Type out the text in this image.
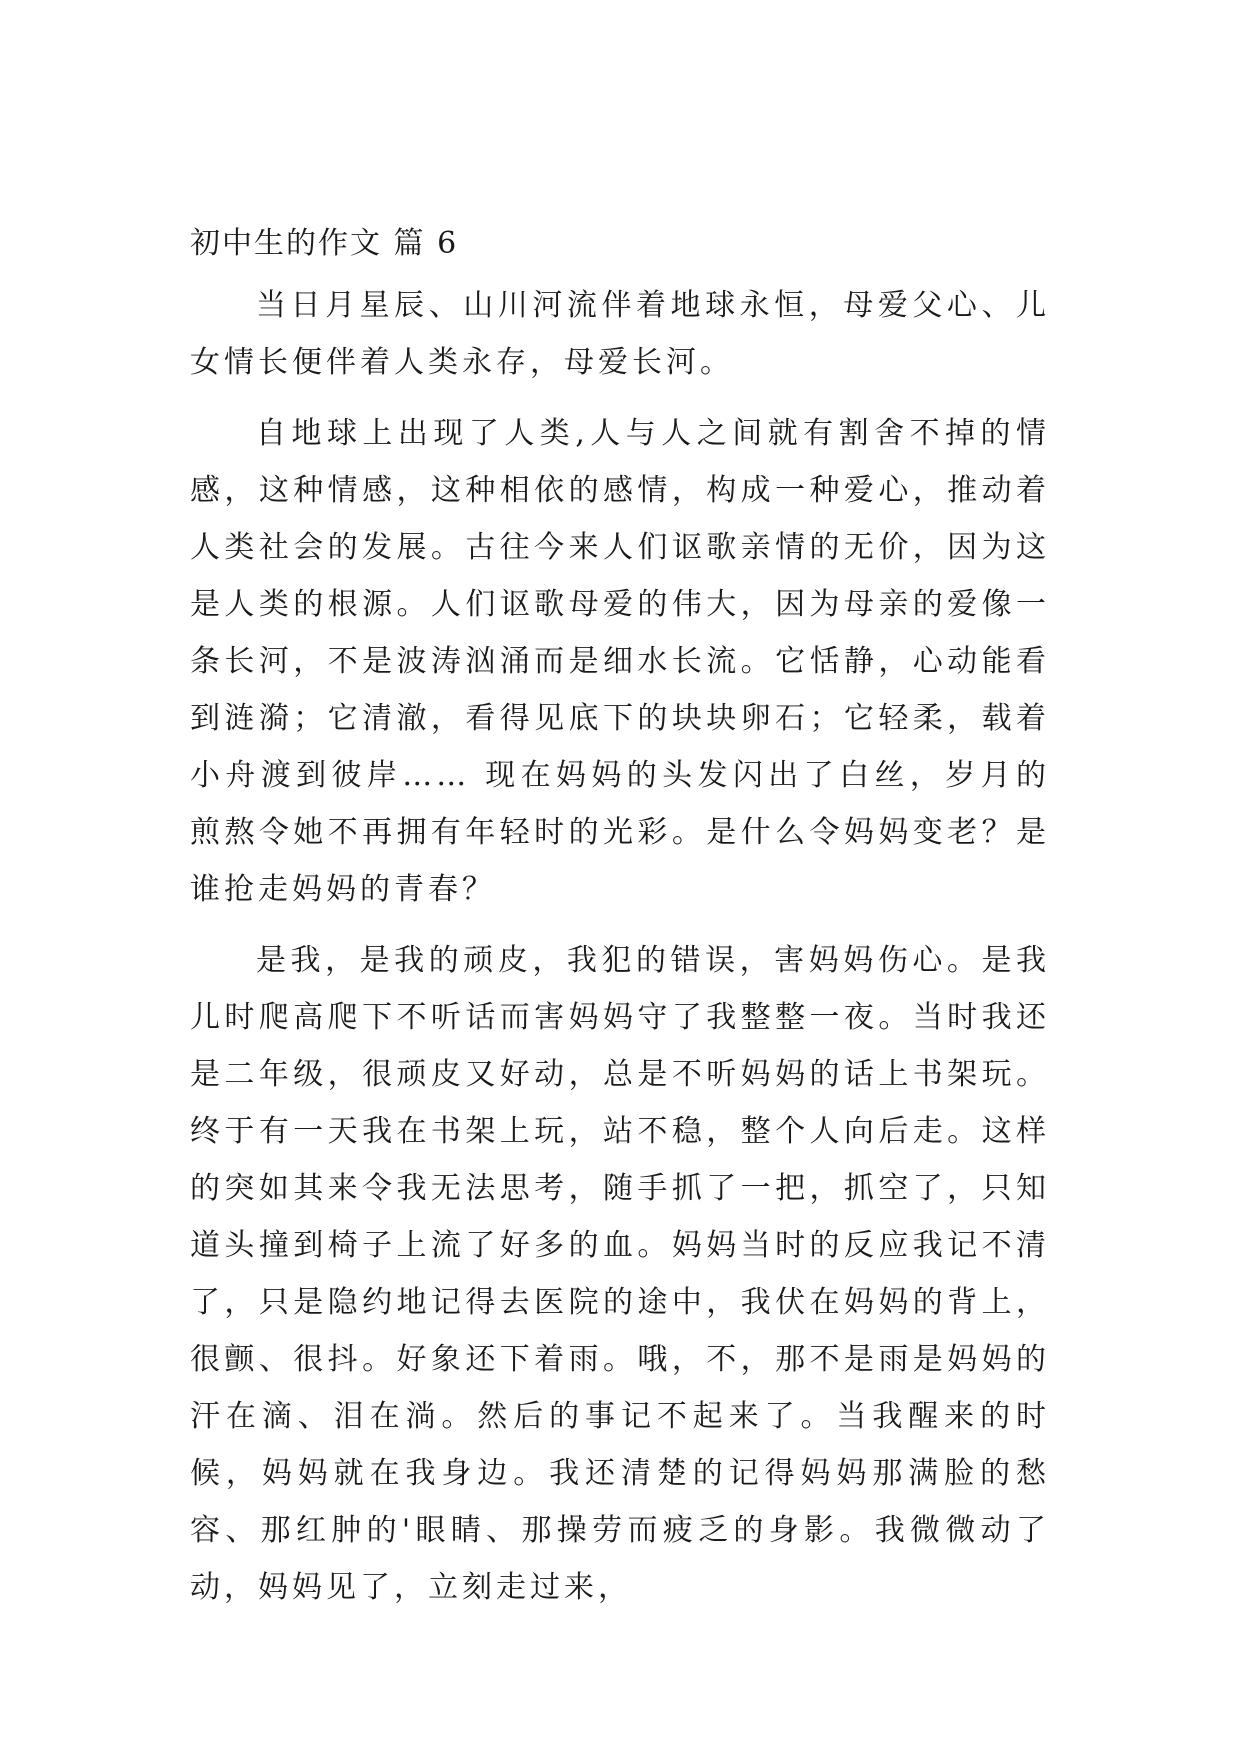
初中生的作文 篇 6

当日月星辰、山川河流伴着地球永恒，母爱父心、儿女情长便伴着人类永存，母爱长河。

自地球上出现了人类,人与人之间就有割舍不掉的情感，这种情感，这种相依的感情，构成一种爱心，推动着人类社会的发展。古往今来人们讴歌亲情的无价，因为这是人类的根源。人们讴歌母爱的伟大，因为母亲的爱像一条长河，不是波涛汹涌而是细水长流。它恬静，心动能看到涟漪；它清澈，看得见底下的块块卵石；它轻柔，载着小舟渡到彼岸…… 现在妈妈的头发闪出了白丝，岁月的煎熬令她不再拥有年轻时的光彩。是什么令妈妈变老？是谁抢走妈妈的青春？

是我，是我的顽皮，我犯的错误，害妈妈伤心。是我儿时爬高爬下不听话而害妈妈守了我整整一夜。当时我还是二年级，很顽皮又好动，总是不听妈妈的话上书架玩。终于有一天我在书架上玩，站不稳，整个人向后走。这样的突如其来令我无法思考，随手抓了一把，抓空了，只知道头撞到椅子上流了好多的血。妈妈当时的反应我记不清了，只是隐约地记得去医院的途中，我伏在妈妈的背上，很颤、很抖。好象还下着雨。哦，不，那不是雨是妈妈的汗在滴、泪在淌。然后的事记不起来了。当我醒来的时候，妈妈就在我身边。我还清楚的记得妈妈那满脸的愁容、那红肿的'眼睛、那操劳而疲乏的身影。我微微动了动，妈妈见了，立刻走过来，
